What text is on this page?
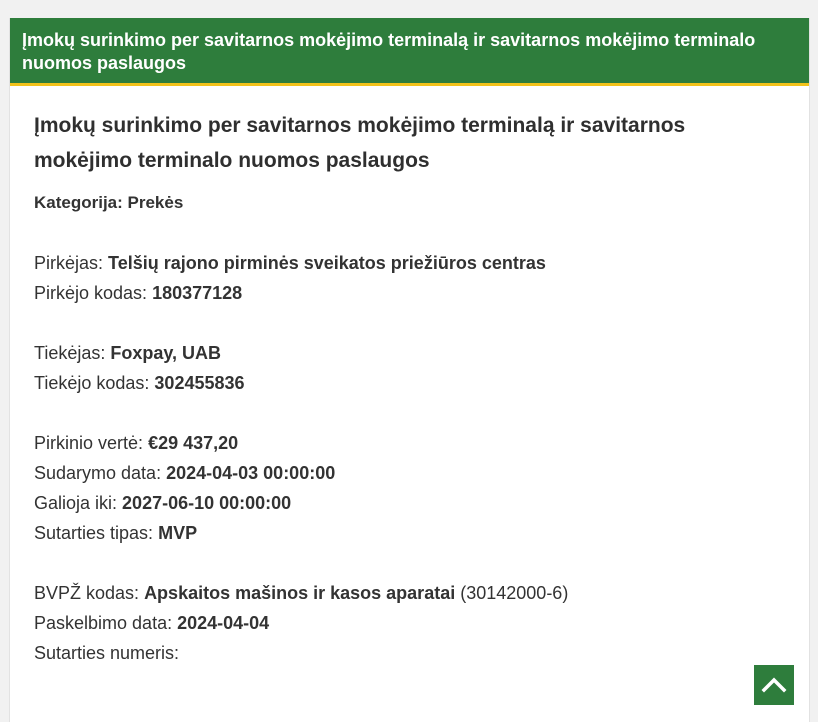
Įmokų surinkimo per savitarnos mokėjimo terminalą ir savitarnos mokėjimo terminalo nuomos paslaugos
Įmokų surinkimo per savitarnos mokėjimo terminalą ir savitarnos mokėjimo terminalo nuomos paslaugos
Kategorija: Prekės
Pirkėjas: Telšių rajono pirminės sveikatos priežiūros centras
Pirkėjo kodas: 180377128
Tiekėjas: Foxpay, UAB
Tiekėjo kodas: 302455836
Pirkinio vertė: €29 437,20
Sudarymo data: 2024-04-03 00:00:00
Galioja iki: 2027-06-10 00:00:00
Sutarties tipas: MVP
BVPŽ kodas: Apskaitos mašinos ir kasos aparatai (30142000-6)
Paskelbimo data: 2024-04-04
Sutarties numeris:
